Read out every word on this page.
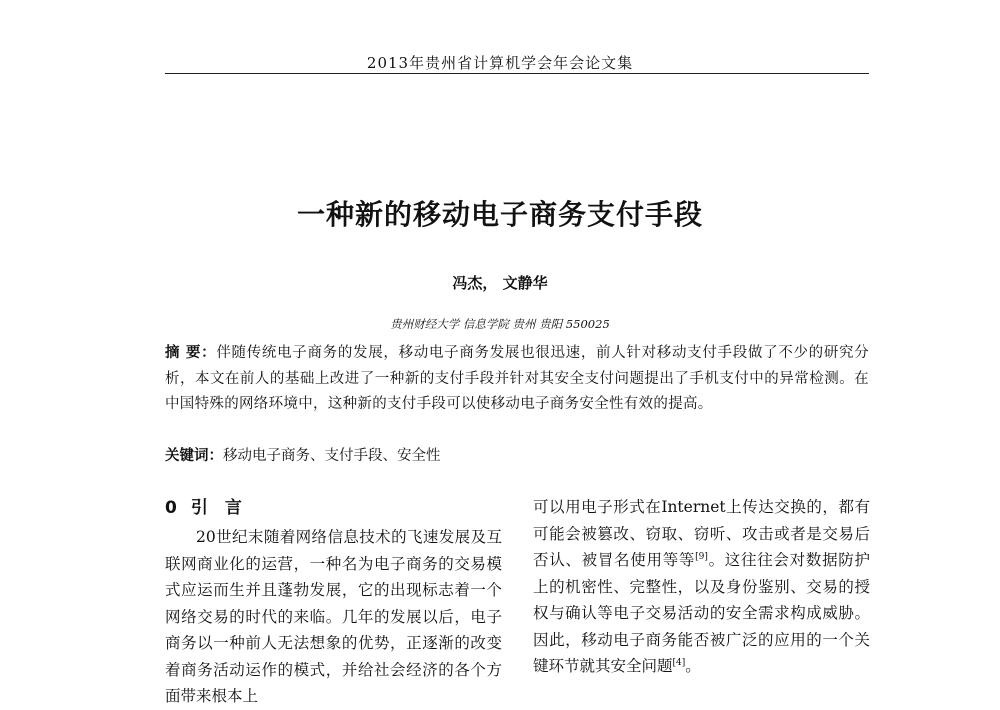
2013年贵州省计算机学会年会论文集
一种新的移动电子商务支付手段
冯杰， 文静华
贵州财经大学 信息学院 贵州 贵阳 550025
摘 要：伴随传统电子商务的发展，移动电子商务发展也很迅速，前人针对移动支付手段做了不少的研究分析，本文在前人的基础上改进了一种新的支付手段并针对其安全支付问题提出了手机支付中的异常检测。在中国特殊的网络环境中，这种新的支付手段可以使移动电子商务安全性有效的提高。
关键词：移动电子商务、支付手段、安全性
0 引　言
20世纪末随着网络信息技术的飞速发展及互联网商业化的运营，一种名为电子商务的交易模式应运而生并且蓬勃发展，它的出现标志着一个网络交易的时代的来临。几年的发展以后，电子商务以一种前人无法想象的优势，正逐渐的改变着商务活动运作的模式，并给社会经济的各个方面带来根本上
可以用电子形式在Internet上传达交换的，都有可能会被篡改、窃取、窃听、攻击或者是交易后否认、被冒名使用等等[9]。这往往会对数据防护上的机密性、完整性，以及身份鉴别、交易的授权与确认等电子交易活动的安全需求构成威胁。因此，移动电子商务能否被广泛的应用的一个关键环节就其安全问题[4]。
